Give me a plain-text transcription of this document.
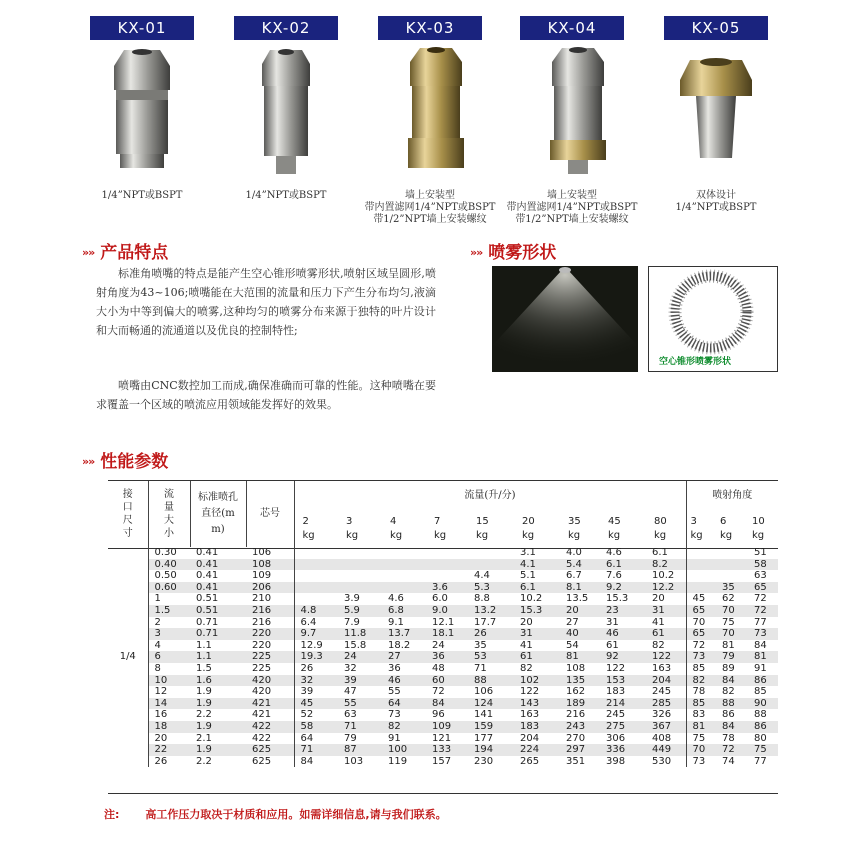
KX-01	KX-02	KX-03	KX-04	KX-05
1/4”NPT或BSPT	1/4”NPT或BSPT	墙上安装型
带内置滤网1/4”NPT或BSPT
带1/2”NPT墙上安装螺纹
墙上安装型
带内置滤网1/4”NPT或BSPT
带1/2”NPT墙上安装螺纹
双体设计
1/4”NPT或BSPT
»» 产品特点

标准角喷嘴的特点是能产生空心锥形喷雾形状,喷射区域呈圆形,喷射角度为43~106;喷嘴能在大范围的流量和压力下产生分布均匀,液滴大小为中等到偏大的喷雾,这种均匀的喷雾分布来源于独特的叶片设计和大而畅通的流通道以及优良的控制特性;

喷嘴由CNC数控加工而成,确保准确而可靠的性能。这种喷嘴在要求覆盖一个区域的喷流应用领域能发挥好的效果。

»» 喷雾形状
空心锥形喷雾形状
»» 性能参数
接口尺寸	流量大小	标准喷孔直径(mm)	芯号	流量(升/分)									喷射角度		

				2 kg	3 kg	4 kg	7 kg	15 kg	20 kg	35 kg	45 kg	80 kg	3 kg	6 kg	10 kg

1/4	0.30	0.41	106						3.1	4.0	4.6	6.1			51
	0.40	0.41	108						4.1	5.4	6.1	8.2			58
	0.50	0.41	109					4.4	5.1	6.7	7.6	10.2			63
	0.60	0.41	206				3.6	5.3	6.1	8.1	9.2	12.2		35	65
	1	0.51	210		3.9	4.6	6.0	8.8	10.2	13.5	15.3	20	45	62	72
	1.5	0.51	216	4.8	5.9	6.8	9.0	13.2	15.3	20	23	31	65	70	72
	2	0.71	216	6.4	7.9	9.1	12.1	17.7	20	27	31	41	70	75	77
	3	0.71	220	9.7	11.8	13.7	18.1	26	31	40	46	61	65	70	73
	4	1.1	220	12.9	15.8	18.2	24	35	41	54	61	82	72	81	84
	6	1.1	225	19.3	24	27	36	53	61	81	92	122	73	79	81
	8	1.5	225	26	32	36	48	71	82	108	122	163	85	89	91
	10	1.6	420	32	39	46	60	88	102	135	153	204	82	84	86
	12	1.9	420	39	47	55	72	106	122	162	183	245	78	82	85
	14	1.9	421	45	55	64	84	124	143	189	214	285	85	88	90
	16	2.2	421	52	63	73	96	141	163	216	245	326	83	86	88
	18	1.9	422	58	71	82	109	159	183	243	275	367	81	84	86
	20	2.1	422	64	79	91	121	177	204	270	306	408	75	78	80
	22	1.9	625	71	87	100	133	194	224	297	336	449	70	72	75
	26	2.2	625	84	103	119	157	230	265	351	398	530	73	74	77
注: 高工作压力取决于材质和应用。如需详细信息,请与我们联系。
